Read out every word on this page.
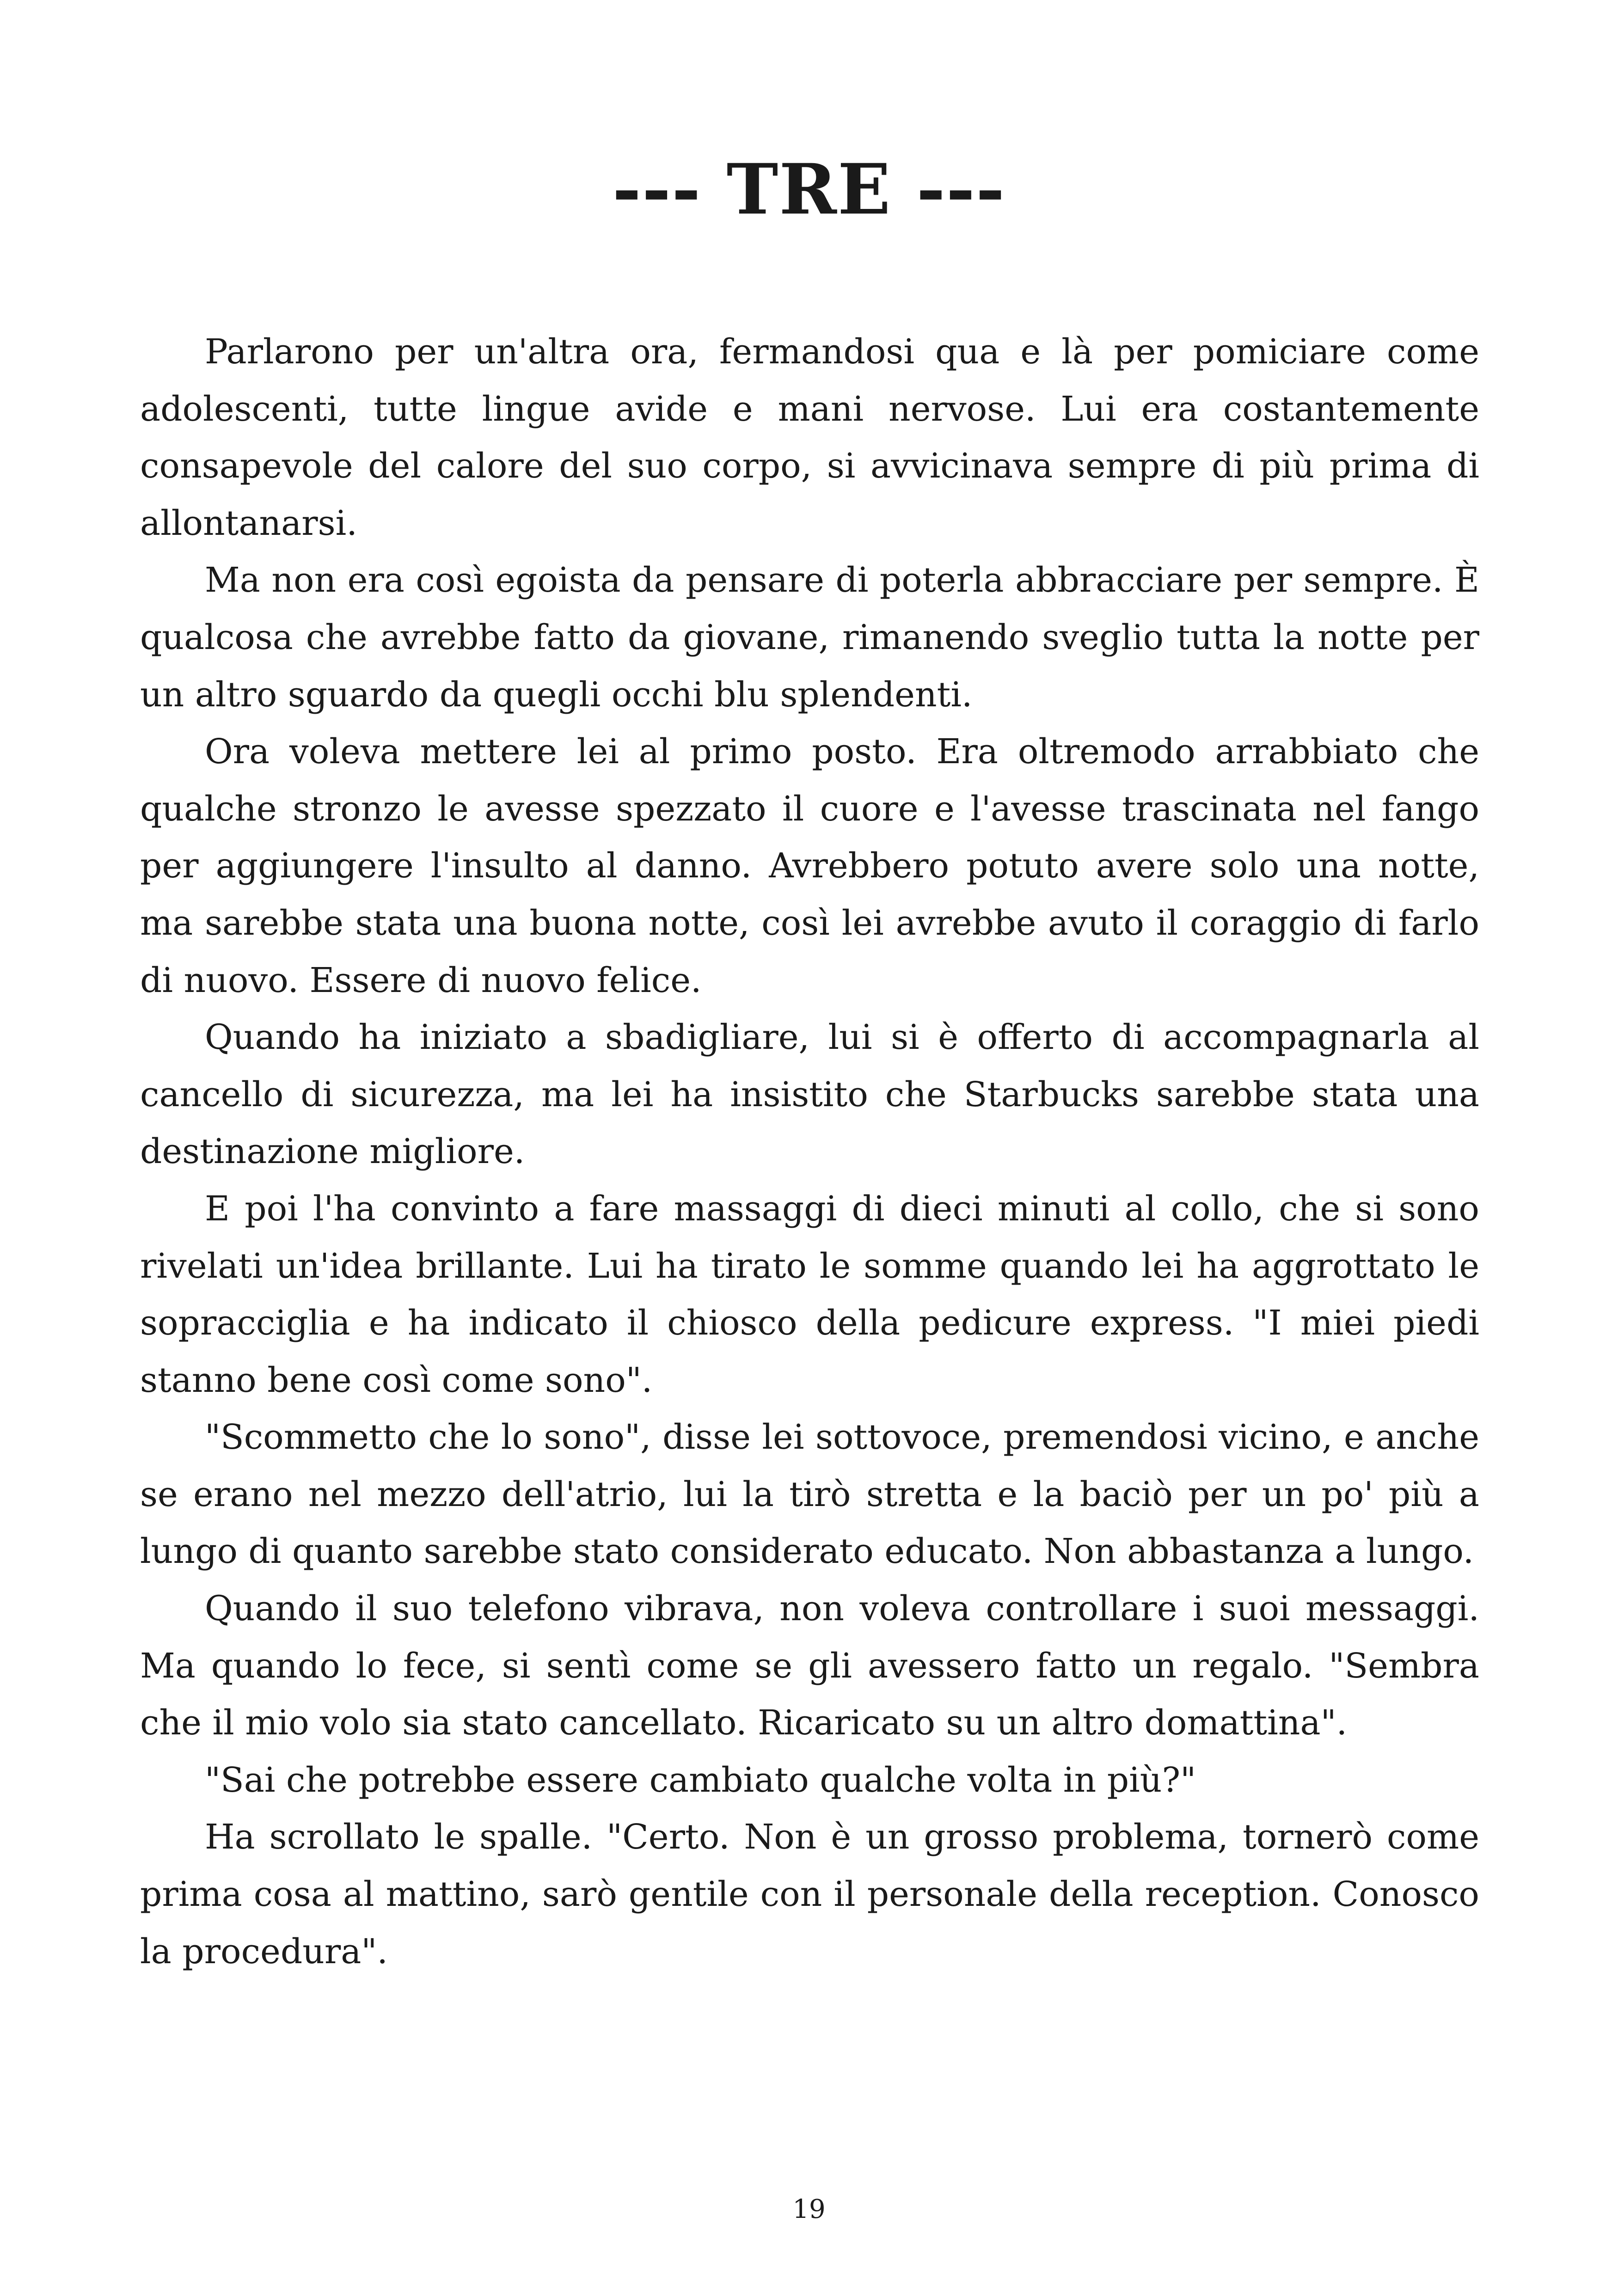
--- TRE ---

Parlarono per un'altra ora, fermandosi qua e là per pomiciare come adolescenti, tutte lingue avide e mani nervose. Lui era costantemente consapevole del calore del suo corpo, si avvicinava sempre di più prima di allontanarsi.

Ma non era così egoista da pensare di poterla abbracciare per sempre. È qualcosa che avrebbe fatto da giovane, rimanendo sveglio tutta la notte per un altro sguardo da quegli occhi blu splendenti.

Ora voleva mettere lei al primo posto. Era oltremodo arrabbiato che qualche stronzo le avesse spezzato il cuore e l'avesse trascinata nel fango per aggiungere l'insulto al danno. Avrebbero potuto avere solo una notte, ma sarebbe stata una buona notte, così lei avrebbe avuto il coraggio di farlo di nuovo. Essere di nuovo felice.

Quando ha iniziato a sbadigliare, lui si è offerto di accompagnarla al cancello di sicurezza, ma lei ha insistito che Starbucks sarebbe stata una destinazione migliore.

E poi l'ha convinto a fare massaggi di dieci minuti al collo, che si sono rivelati un'idea brillante. Lui ha tirato le somme quando lei ha aggrottato le sopracciglia e ha indicato il chiosco della pedicure express. "I miei piedi stanno bene così come sono".

"Scommetto che lo sono", disse lei sottovoce, premendosi vicino, e anche se erano nel mezzo dell'atrio, lui la tirò stretta e la baciò per un po' più a lungo di quanto sarebbe stato considerato educato. Non abbastanza a lungo.

Quando il suo telefono vibrava, non voleva controllare i suoi messaggi. Ma quando lo fece, si sentì come se gli avessero fatto un regalo. "Sembra che il mio volo sia stato cancellato. Ricaricato su un altro domattina".

"Sai che potrebbe essere cambiato qualche volta in più?"

Ha scrollato le spalle. "Certo. Non è un grosso problema, tornerò come prima cosa al mattino, sarò gentile con il personale della reception. Conosco la procedura".

19
